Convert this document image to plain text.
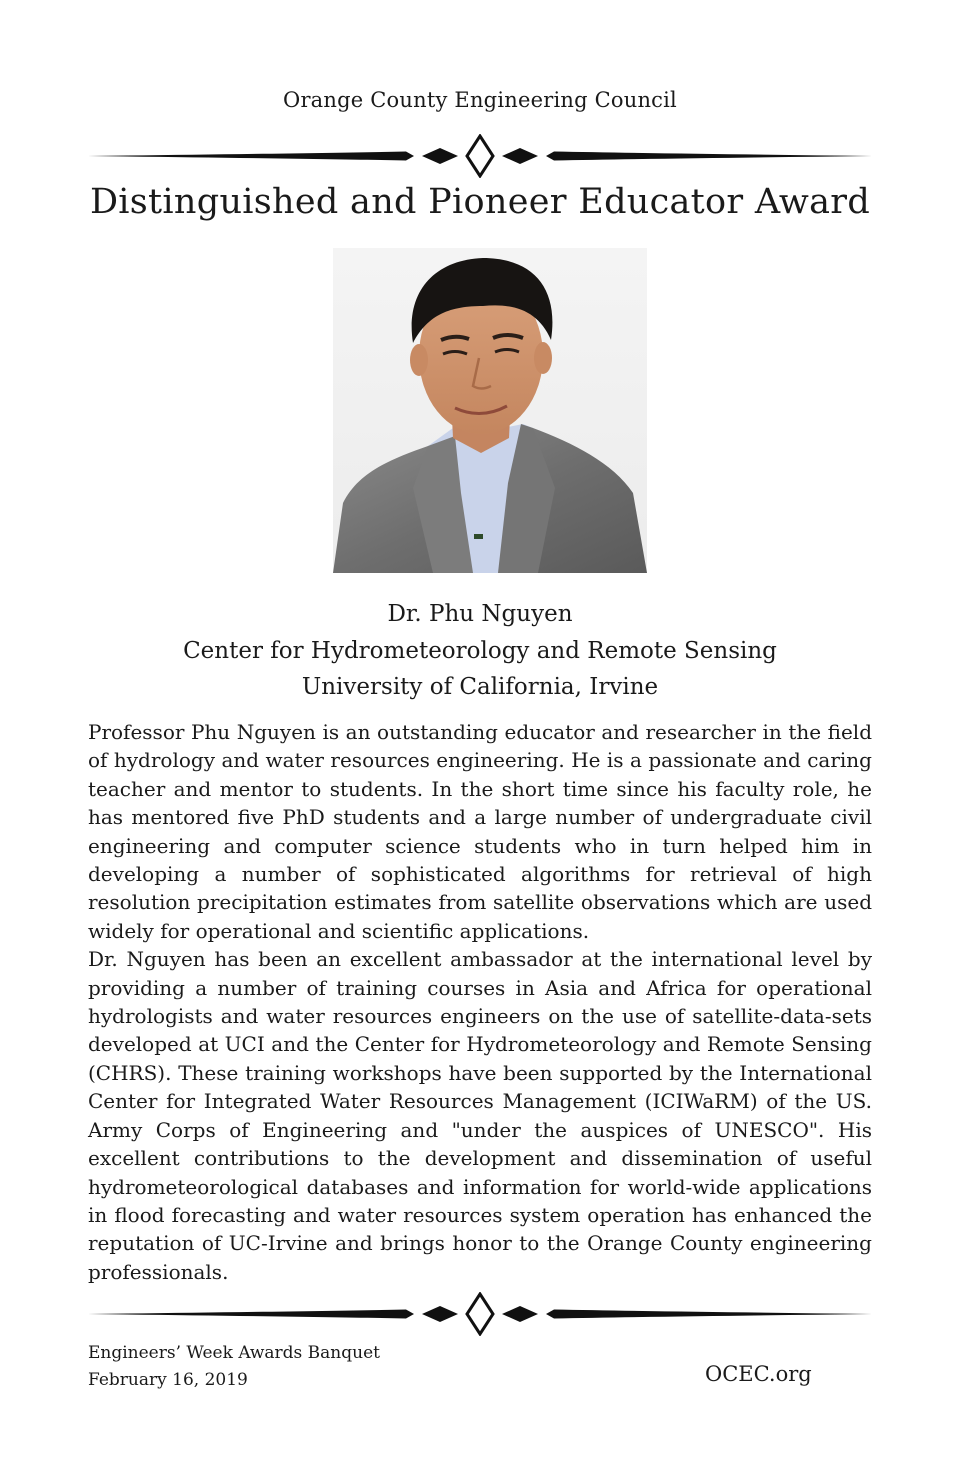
Orange County Engineering Council
Distinguished and Pioneer Educator Award
Dr. Phu Nguyen
Center for Hydrometeorology and Remote Sensing
University of California, Irvine

Professor Phu Nguyen is an outstanding educator and researcher in the field of hydrology and water resources engineering. He is a passionate and caring teacher and mentor to students. In the short time since his faculty role, he has mentored five PhD students and a large number of undergraduate civil engineering and computer science students who in turn helped him in developing a number of sophisticated algorithms for retrieval of high resolution precipitation estimates from satellite observations which are used widely for operational and scientific applications.

Dr. Nguyen has been an excellent ambassador at the international level by providing a number of training courses in Asia and Africa for operational hydrologists and water resources engineers on the use of satellite-data-sets developed at UCI and the Center for Hydrometeorology and Remote Sensing (CHRS). These training workshops have been supported by the International Center for Integrated Water Resources Management (ICIWaRM) of the US. Army Corps of Engineering and "under the auspices of UNESCO". His excellent contributions to the development and dissemination of useful hydrometeorological databases and information for world-wide applications in flood forecasting and water resources system operation has enhanced the reputation of UC-Irvine and brings honor to the Orange County engineering professionals.

Engineers’ Week Awards Banquet
February 16, 2019	OCEC.org
